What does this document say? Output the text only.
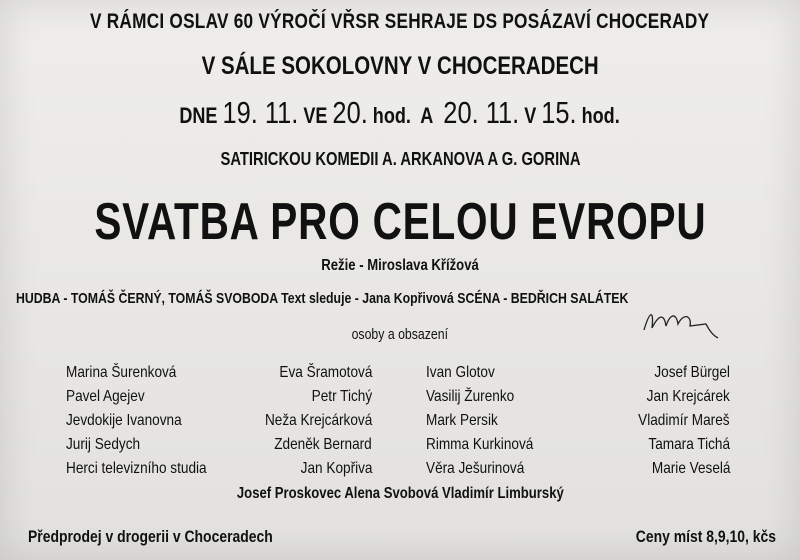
V RÁMCI OSLAV 60 VÝROČÍ VŘSR SEHRAJE DS POSÁZAVÍ CHOCERADY
V SÁLE SOKOLOVNY V CHOCERADECH
DNE 19. 11. VE 20. hod. A 20. 11. V 15. hod.
SATIRICKOU KOMEDII A. ARKANOVA A G. GORINA
SVATBA PRO CELOU EVROPU
Režie - Miroslava Křížová
HUDBA - TOMÁŠ ČERNÝ, TOMÁŠ SVOBODA Text sleduje - Jana Kopřivová SCÉNA - BEDŘICH SALÁTEK
osoby a obsazení
Marina Šurenková
Pavel Agejev
Jevdokije Ivanovna
Jurij Sedych
Herci televizního studia
Eva Šramotová
Petr Tichý
Neža Krejcárková
Zdeněk Bernard
Jan Kopřiva
Ivan Glotov
Vasilij Žurenko
Mark Persik
Rimma Kurkinová
Věra Ješurinová
Josef Bürgel
Jan Krejcárek
Vladimír Mareš
Tamara Tichá
Marie Veselá
Josef Proskovec Alena Svobová Vladimír Limburský
Předprodej v drogerii v Choceradech	Ceny míst 8,9,10, kčs
